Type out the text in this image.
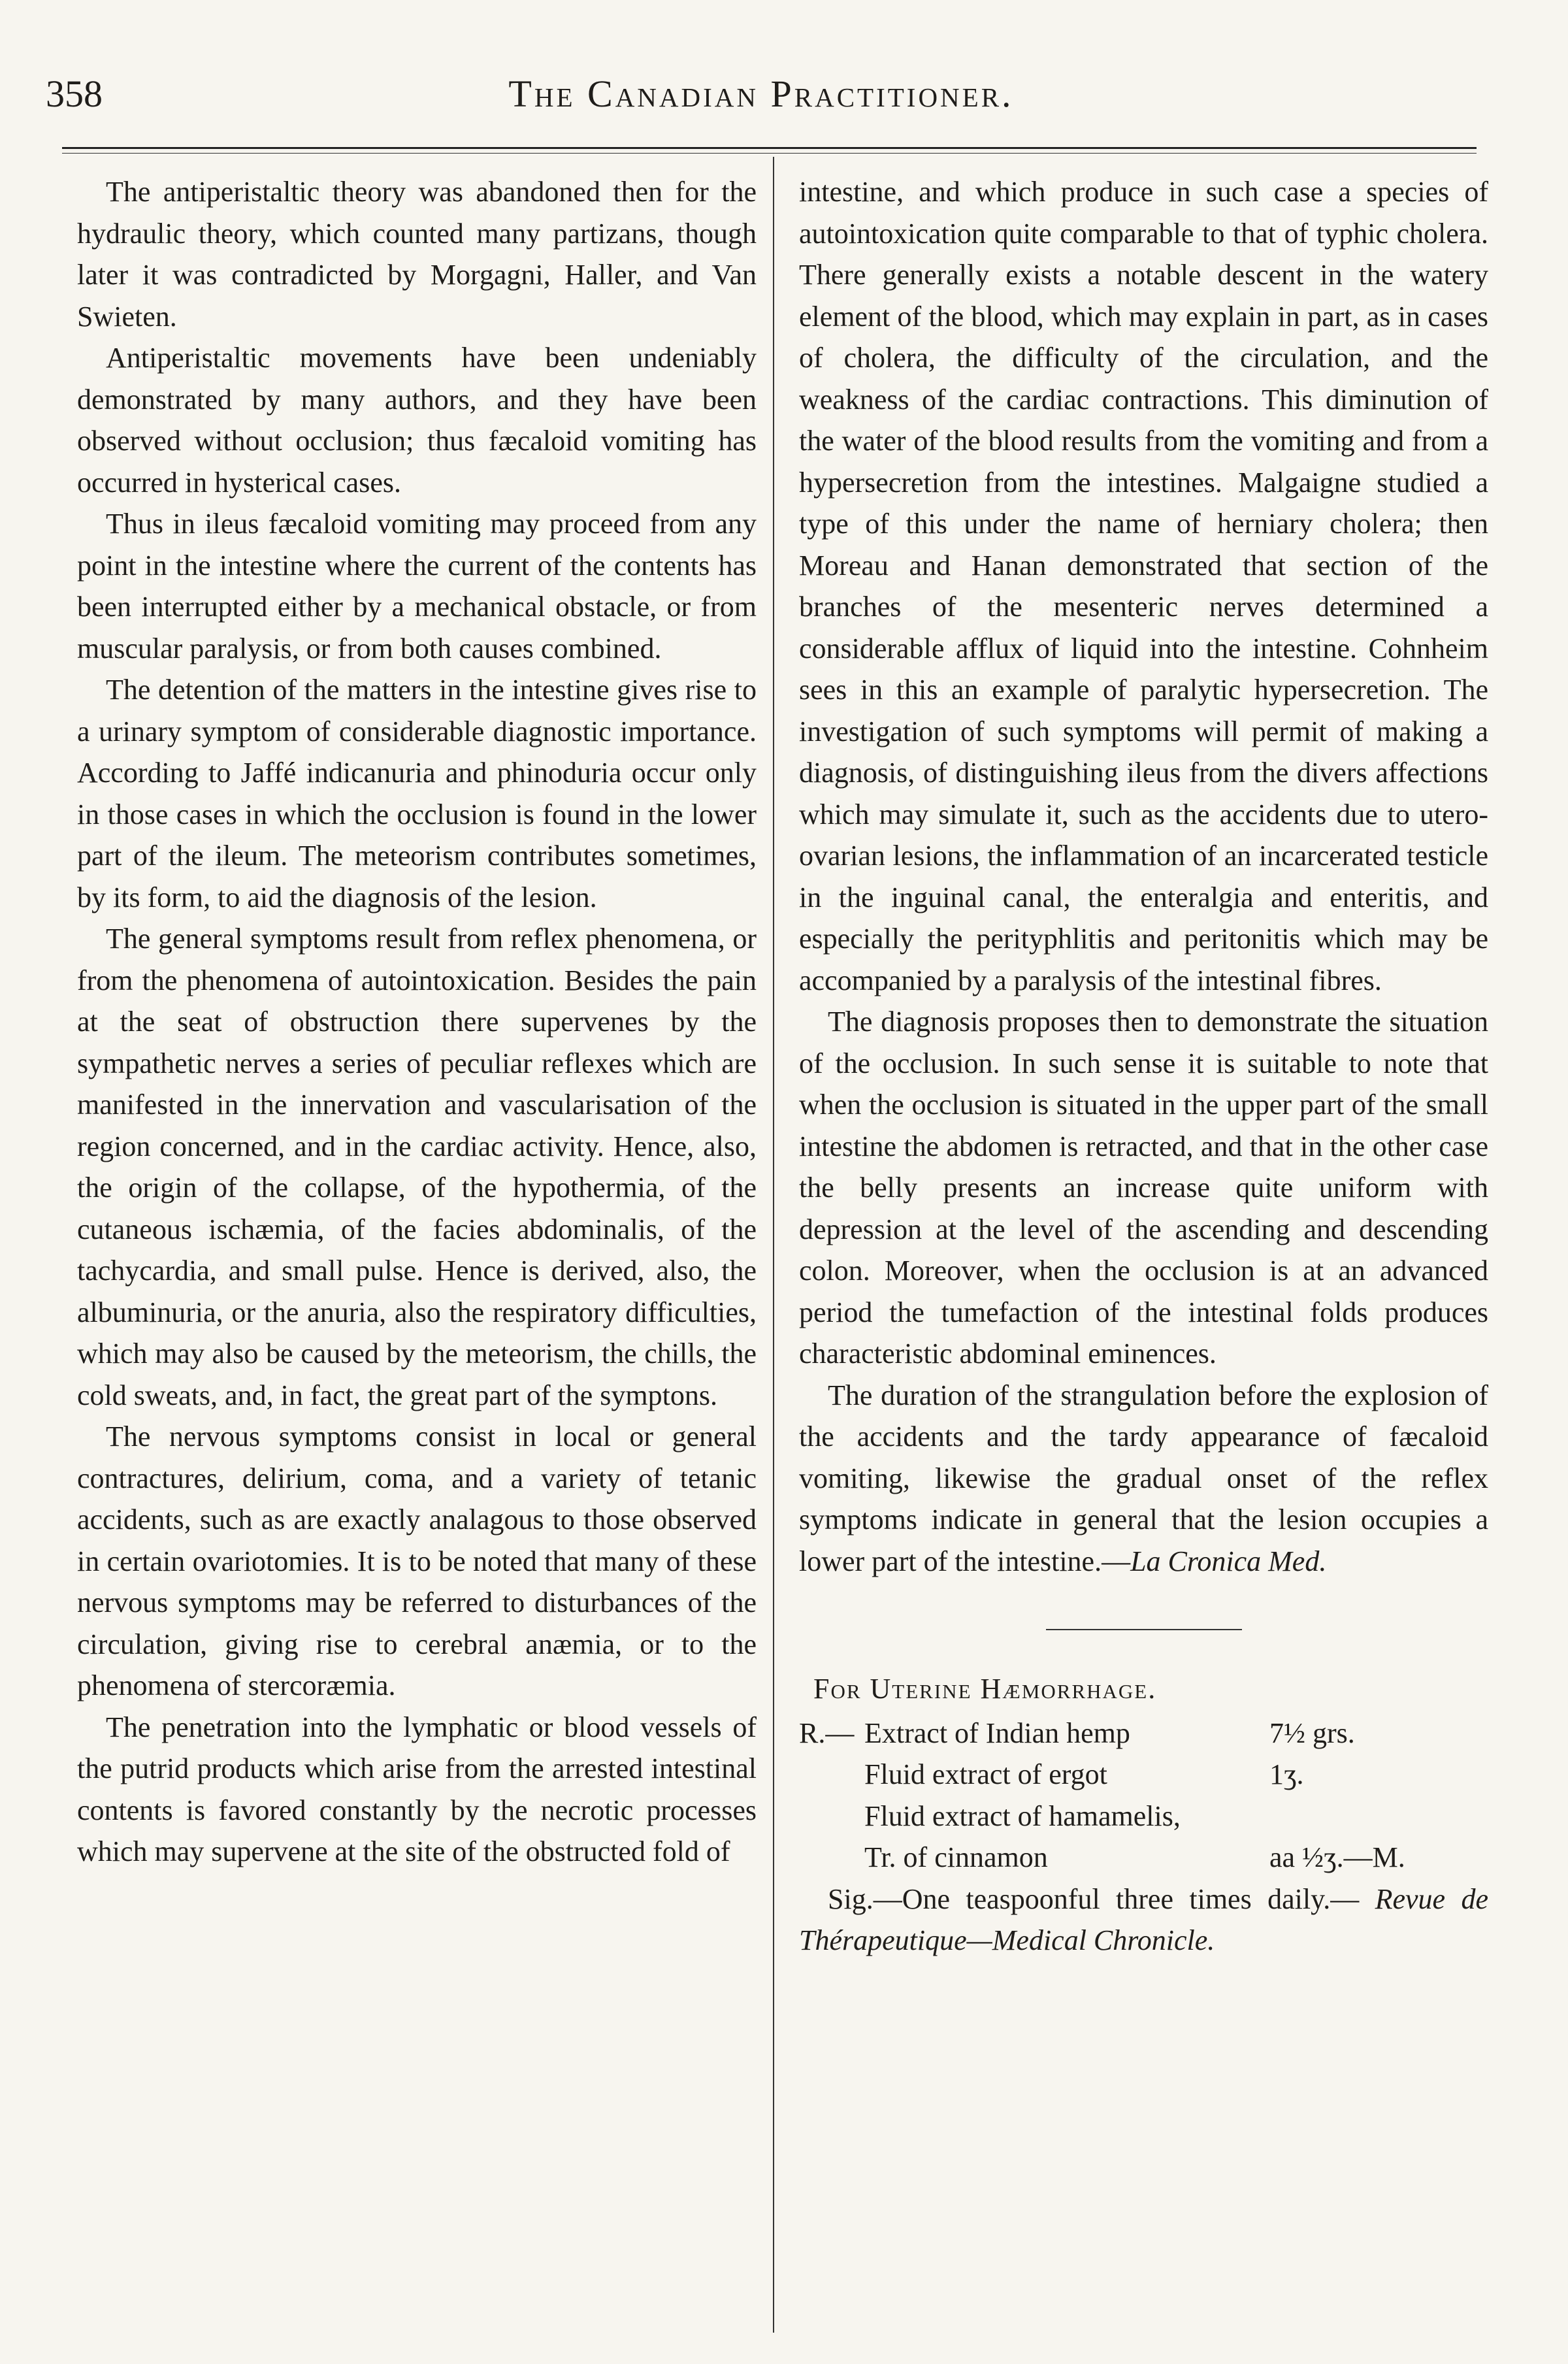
358	The Canadian Practitioner.

The antiperistaltic theory was abandoned then for the hydraulic theory, which counted many partizans, though later it was contradicted by Morgagni, Haller, and Van Swieten.

Antiperistaltic movements have been undeniably demonstrated by many authors, and they have been observed without occlusion; thus fæcaloid vomiting has occurred in hysterical cases.

Thus in ileus fæcaloid vomiting may proceed from any point in the intestine where the current of the contents has been interrupted either by a mechanical obstacle, or from muscular paralysis, or from both causes combined.

The detention of the matters in the intestine gives rise to a urinary symptom of considerable diagnostic importance. According to Jaffé indicanuria and phinoduria occur only in those cases in which the occlusion is found in the lower part of the ileum. The meteorism contributes sometimes, by its form, to aid the diagnosis of the lesion.

The general symptoms result from reflex phenomena, or from the phenomena of autointoxication. Besides the pain at the seat of obstruction there supervenes by the sympathetic nerves a series of peculiar reflexes which are manifested in the innervation and vascularisation of the region concerned, and in the cardiac activity. Hence, also, the origin of the collapse, of the hypothermia, of the cutaneous ischæmia, of the facies abdominalis, of the tachycardia, and small pulse. Hence is derived, also, the albuminuria, or the anuria, also the respiratory difficulties, which may also be caused by the meteorism, the chills, the cold sweats, and, in fact, the great part of the symptons.

The nervous symptoms consist in local or general contractures, delirium, coma, and a variety of tetanic accidents, such as are exactly analagous to those observed in certain ovariotomies. It is to be noted that many of these nervous symptoms may be referred to disturbances of the circulation, giving rise to cerebral anæmia, or to the phenomena of stercoræmia.

The penetration into the lymphatic or blood vessels of the putrid products which arise from the arrested intestinal contents is favored constantly by the necrotic processes which may supervene at the site of the obstructed fold of

intestine, and which produce in such case a species of autointoxication quite comparable to that of typhic cholera. There generally exists a notable descent in the watery element of the blood, which may explain in part, as in cases of cholera, the difficulty of the circulation, and the weakness of the cardiac contractions. This diminution of the water of the blood results from the vomiting and from a hypersecretion from the intestines. Malgaigne studied a type of this under the name of herniary cholera; then Moreau and Hanan demonstrated that section of the branches of the mesenteric nerves determined a considerable afflux of liquid into the intestine. Cohnheim sees in this an example of paralytic hypersecretion. The investigation of such symptoms will permit of making a diagnosis, of distinguishing ileus from the divers affections which may simulate it, such as the accidents due to utero-ovarian lesions, the inflammation of an incarcerated testicle in the inguinal canal, the enteralgia and enteritis, and especially the perityphlitis and peritonitis which may be accompanied by a paralysis of the intestinal fibres.

The diagnosis proposes then to demonstrate the situation of the occlusion. In such sense it is suitable to note that when the occlusion is situated in the upper part of the small intestine the abdomen is retracted, and that in the other case the belly presents an increase quite uniform with depression at the level of the ascending and descending colon. Moreover, when the occlusion is at an advanced period the tumefaction of the intestinal folds produces characteristic abdominal eminences.

The duration of the strangulation before the explosion of the accidents and the tardy appearance of fæcaloid vomiting, likewise the gradual onset of the reflex symptoms indicate in general that the lesion occupies a lower part of the intestine.—La Cronica Med.

For Uterine Hæmorrhage.
R.— Extract of Indian hemp	7½ grs.
Fluid extract of ergot	1ʒ.
Fluid extract of hamamelis,
Tr. of cinnamon	aa ½ʒ.—M.
Sig.—One teaspoonful three times daily.— Revue de Thérapeutique—Medical Chronicle.
